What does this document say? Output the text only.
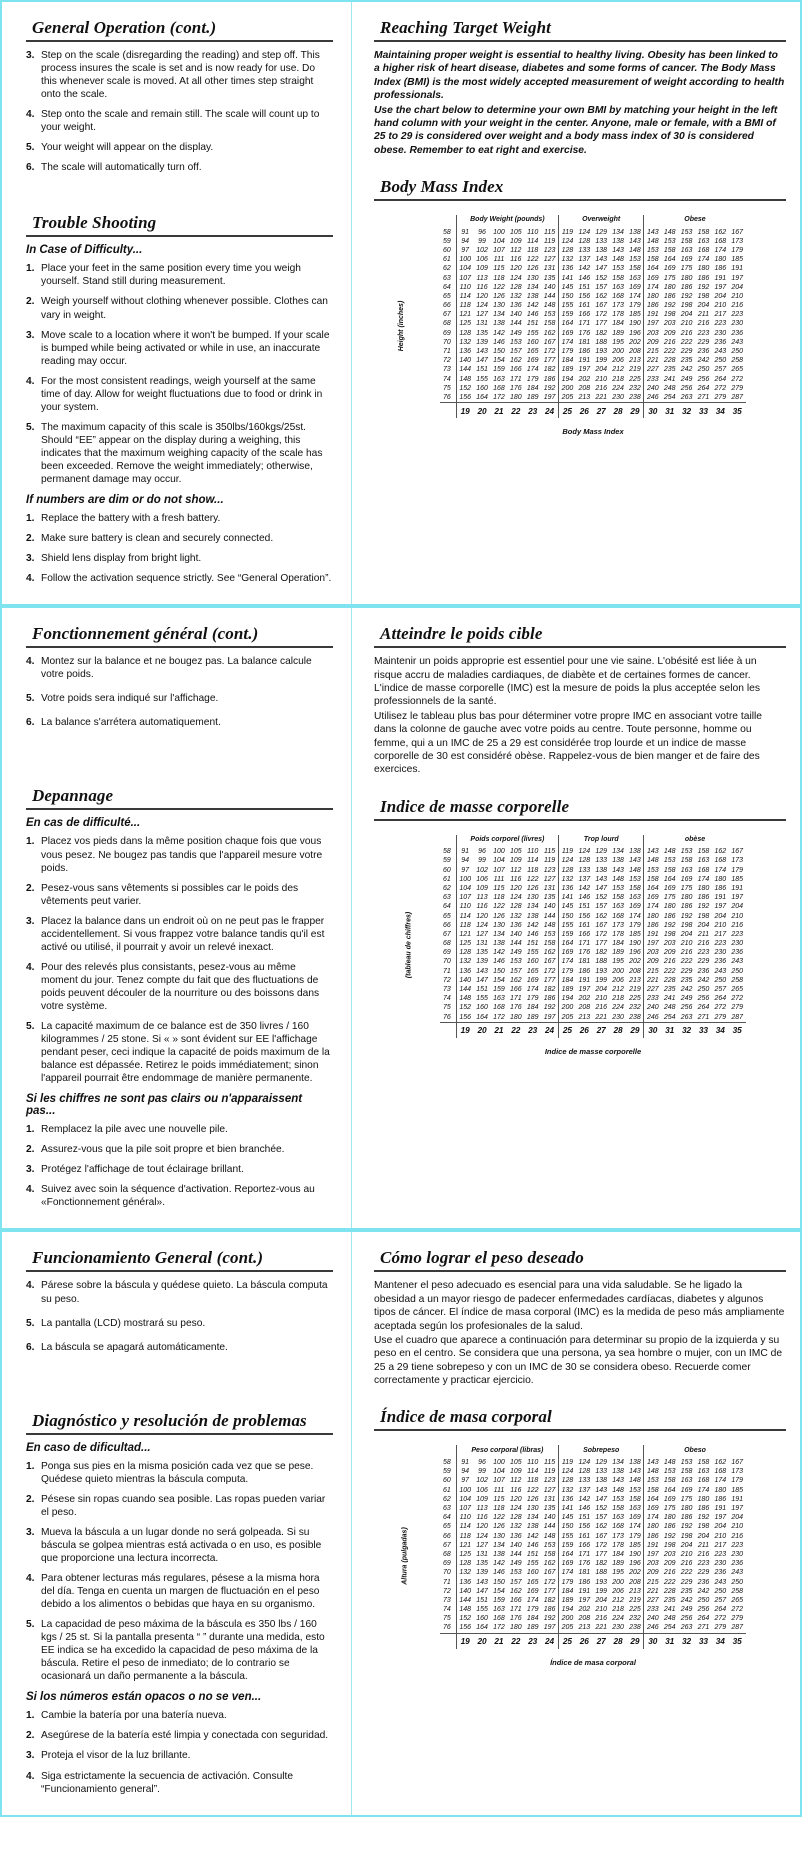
General Operation (cont.)
3. Step on the scale (disregarding the reading) and step off. This process insures the scale is set and is now ready for use. Do this whenever scale is moved. At all other times step straight onto the scale.
4. Step onto the scale and remain still. The scale will count up to your weight.
5. Your weight will appear on the display.
6. The scale will automatically turn off.
Trouble Shooting
In Case of Difficulty...
1. Place your feet in the same position every time you weigh yourself. Stand still during measurement.
2. Weigh yourself without clothing whenever possible. Clothes can vary in weight.
3. Move scale to a location where it won't be bumped. If your scale is bumped while being activated or while in use, an inaccurate reading may occur.
4. For the most consistent readings, weigh yourself at the same time of day. Allow for weight fluctuations due to food or drink in your system.
5. The maximum capacity of this scale is 350lbs/160kgs/25st. Should “EE” appear on the display during a weighing, this indicates that the maximum weighing capacity of the scale has been exceeded. Remove the weight immediately; otherwise, permanent damage may occur.
If numbers are dim or do not show...
1. Replace the battery with a fresh battery.
2. Make sure battery is clean and securely connected.
3. Shield lens display from bright light.
4. Follow the activation sequence strictly. See “General Operation”.
Reaching Target Weight

Maintaining proper weight is essential to healthy living. Obesity has been linked to a higher risk of heart disease, diabetes and some forms of cancer. The Body Mass Index (BMI) is the most widely accepted measurement of weight according to health professionals.

Use the chart below to determine your own BMI by matching your height in the left hand column with your weight in the center. Anyone, male or female, with a BMI of 25 to 29 is considered over weight and a body mass index of 30 is considered obese. Remember to eat right and exercise.

Body Mass Index
Height (inches)
	Body Weight (pounds)						Overweight					Obese					
58	91	96	100	105	110	115	119	124	129	134	138	143	148	153	158	162	167
59	94	99	104	109	114	119	124	128	133	138	143	148	153	158	163	168	173
60	97	102	107	112	118	123	128	133	138	143	148	153	158	163	168	174	179
61	100	106	111	116	122	127	132	137	143	148	153	158	164	169	174	180	185
62	104	109	115	120	126	131	136	142	147	153	158	164	169	175	180	186	191
63	107	113	118	124	130	135	141	146	152	158	163	169	175	180	186	191	197
64	110	116	122	128	134	140	145	151	157	163	169	174	180	186	192	197	204
65	114	120	126	132	138	144	150	156	162	168	174	180	186	192	198	204	210
66	118	124	130	136	142	148	155	161	167	173	179	186	192	198	204	210	216
67	121	127	134	140	146	153	159	166	172	178	185	191	198	204	211	217	223
68	125	131	138	144	151	158	164	171	177	184	190	197	203	210	216	223	230
69	128	135	142	149	155	162	169	176	182	189	196	203	209	216	223	230	236
70	132	139	146	153	160	167	174	181	188	195	202	209	216	222	229	236	243
71	136	143	150	157	165	172	179	186	193	200	208	215	222	229	236	243	250
72	140	147	154	162	169	177	184	191	199	206	213	221	228	235	242	250	258
73	144	151	159	166	174	182	189	197	204	212	219	227	235	242	250	257	265
74	148	155	163	171	179	186	194	202	210	218	225	233	241	249	256	264	272
75	152	160	168	176	184	192	200	208	216	224	232	240	248	256	264	272	279
76	156	164	172	180	189	197	205	213	221	230	238	246	254	263	271	279	287
	19	20	21	22	23	24	25	26	27	28	29	30	31	32	33	34	35
Body Mass Index
Fonctionnement général (cont.)
4. Montez sur la balance et ne bougez pas. La balance calcule votre poids.
5. Votre poids sera indiqué sur l'affichage.
6. La balance s'arrétera automatiquement.
Depannage
En cas de difficulté...
1. Placez vos pieds dans la même position chaque fois que vous vous pesez. Ne bougez pas tandis que l'appareil mesure votre poids.
2. Pesez-vous sans vêtements si possibles car le poids des vêtements peut varier.
3. Placez la balance dans un endroit où on ne peut pas le frapper accidentellement. Si vous frappez votre balance tandis qu'il est activé ou utilisé, il pourrait y avoir un relevé inexact.
4. Pour des relevés plus consistants, pesez-vous au même moment du jour. Tenez compte du fait que des fluctuations de poids peuvent découler de la nourriture ou des boissons dans votre système.
5. La capacité maximum de ce balance est de 350 livres / 160 kilogrammes / 25 stone. Si « » sont évident sur EE l'affichage pendant peser, ceci indique la capacité de poids maximum de la balance est dépassée. Retirez le poids immédiatement; sinon l'appareil pourrait être endommage de manière permanente.
Si les chiffres ne sont pas clairs ou n'apparaissent pas...
1. Remplacez la pile avec une nouvelle pile.
2. Assurez-vous que la pile soit propre et bien branchée.
3. Protégez l'affichage de tout éclairage brillant.
4. Suivez avec soin la séquence d'activation. Reportez-vous au «Fonctionnement général».
Atteindre le poids cible

Maintenir un poids approprie est essentiel pour une vie saine. L'obésité est liée à un risque accru de maladies cardiaques, de diabète et de certaines formes de cancer. L'indice de masse corporelle (IMC) est la mesure de poids la plus acceptée selon les professionnels de la santé.

Utilisez le tableau plus bas pour déterminer votre propre IMC en associant votre taille dans la colonne de gauche avec votre poids au centre. Toute personne, homme ou femme, qui a un IMC de 25 a 29 est considérée trop lourde et un indice de masse corporelle de 30 est considéré obèse. Rappelez-vous de bien manger et de faire des exercices.

Indice de masse corporelle
(tableau de chiffres)
	Poids corporel (livres)						Trop lourd					obèse					
58	91	96	100	105	110	115	119	124	129	134	138	143	148	153	158	162	167
59	94	99	104	109	114	119	124	128	133	138	143	148	153	158	163	168	173
60	97	102	107	112	118	123	128	133	138	143	148	153	158	163	168	174	179
61	100	106	111	116	122	127	132	137	143	148	153	158	164	169	174	180	185
62	104	109	115	120	126	131	136	142	147	153	158	164	169	175	180	186	191
63	107	113	118	124	130	135	141	146	152	158	163	169	175	180	186	191	197
64	110	116	122	128	134	140	145	151	157	163	169	174	180	186	192	197	204
65	114	120	126	132	138	144	150	156	162	168	174	180	186	192	198	204	210
66	118	124	130	136	142	148	155	161	167	173	179	186	192	198	204	210	216
67	121	127	134	140	146	153	159	166	172	178	185	191	198	204	211	217	223
68	125	131	138	144	151	158	164	171	177	184	190	197	203	210	216	223	230
69	128	135	142	149	155	162	169	176	182	189	196	203	209	216	223	230	236
70	132	139	146	153	160	167	174	181	188	195	202	209	216	222	229	236	243
71	136	143	150	157	165	172	179	186	193	200	208	215	222	229	236	243	250
72	140	147	154	162	169	177	184	191	199	206	213	221	228	235	242	250	258
73	144	151	159	166	174	182	189	197	204	212	219	227	235	242	250	257	265
74	148	155	163	171	179	186	194	202	210	218	225	233	241	249	256	264	272
75	152	160	168	176	184	192	200	208	216	224	232	240	248	256	264	272	279
76	156	164	172	180	189	197	205	213	221	230	238	246	254	263	271	279	287
	19	20	21	22	23	24	25	26	27	28	29	30	31	32	33	34	35
Indice de masse corporelle
Funcionamiento General (cont.)
4. Párese sobre la báscula y quédese quieto. La báscula computa su peso.
5. La pantalla (LCD) mostrará su peso.
6. La báscula se apagará automáticamente.
Diagnóstico y resolución de problemas
En caso de dificultad...
1. Ponga sus pies en la misma posición cada vez que se pese. Quédese quieto mientras la báscula computa.
2. Pésese sin ropas cuando sea posible. Las ropas pueden variar el peso.
3. Mueva la báscula a un lugar donde no será golpeada. Si su báscula se golpea mientras está activada o en uso, es posible que proporcione una lectura incorrecta.
4. Para obtener lecturas más regulares, pésese a la misma hora del día. Tenga en cuenta un margen de fluctuación en el peso debido a los alimentos o bebidas que haya en su organismo.
5. La capacidad de peso máxima de la báscula es 350 lbs / 160 kgs / 25 st. Si la pantalla presenta “ ” durante una medida, esto EE indica se ha excedido la capacidad de peso máxima de la báscula. Retire el peso de inmediato; de lo contrario se ocasionará un daño permanente a la báscula.
Si los números están opacos o no se ven...
1. Cambie la batería por una batería nueva.
2. Asegúrese de la batería esté limpia y conectada con seguridad.
3. Proteja el visor de la luz brillante.
4. Siga estrictamente la secuencia de activación. Consulte “Funcionamiento general”.
Cómo lograr el peso deseado

Mantener el peso adecuado es esencial para una vida saludable. Se he ligado la obesidad a un mayor riesgo de padecer enfermedades cardíacas, diabetes y algunos tipos de cáncer. El índice de masa corporal (IMC) es la medida de peso más ampliamente aceptada según los profesionales de la salud.

Use el cuadro que aparece a continuación para determinar su propio de la izquierda y su peso en el centro. Se considera que una persona, ya sea hombre o mujer, con un IMC de 25 a 29 tiene sobrepeso y con un IMC de 30 se considera obeso. Recuerde comer correctamente y practicar ejercicio.

Índice de masa corporal
Altura (pulgadas)
	Peso corporal (libras)						Sobrepeso					Obeso					
58	91	96	100	105	110	115	119	124	129	134	138	143	148	153	158	162	167
59	94	99	104	109	114	119	124	128	133	138	143	148	153	158	163	168	173
60	97	102	107	112	118	123	128	133	138	143	148	153	158	163	168	174	179
61	100	106	111	116	122	127	132	137	143	148	153	158	164	169	174	180	185
62	104	109	115	120	126	131	136	142	147	153	158	164	169	175	180	186	191
63	107	113	118	124	130	135	141	146	152	158	163	169	175	180	186	191	197
64	110	116	122	128	134	140	145	151	157	163	169	174	180	186	192	197	204
65	114	120	126	132	138	144	150	156	162	168	174	180	186	192	198	204	210
66	118	124	130	136	142	148	155	161	167	173	179	186	192	198	204	210	216
67	121	127	134	140	146	153	159	166	172	178	185	191	198	204	211	217	223
68	125	131	138	144	151	158	164	171	177	184	190	197	203	210	216	223	230
69	128	135	142	149	155	162	169	176	182	189	196	203	209	216	223	230	236
70	132	139	146	153	160	167	174	181	188	195	202	209	216	222	229	236	243
71	136	143	150	157	165	172	179	186	193	200	208	215	222	229	236	243	250
72	140	147	154	162	169	177	184	191	199	206	213	221	228	235	242	250	258
73	144	151	159	166	174	182	189	197	204	212	219	227	235	242	250	257	265
74	148	155	163	171	179	186	194	202	210	218	225	233	241	249	256	264	272
75	152	160	168	176	184	192	200	208	216	224	232	240	248	256	264	272	279
76	156	164	172	180	189	197	205	213	221	230	238	246	254	263	271	279	287
	19	20	21	22	23	24	25	26	27	28	29	30	31	32	33	34	35
Índice de masa corporal
